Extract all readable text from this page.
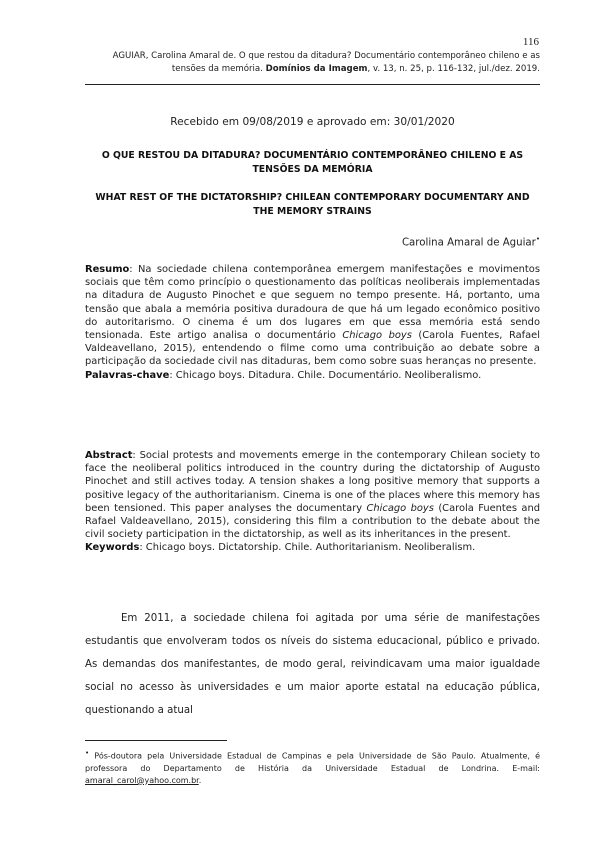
116
AGUIAR, Carolina Amaral de. O que restou da ditadura? Documentário contemporâneo chileno e as tensões da memória. Domínios da Imagem, v. 13, n. 25, p. 116-132, jul./dez. 2019.
Recebido em 09/08/2019 e aprovado em: 30/01/2020
O QUE RESTOU DA DITADURA? DOCUMENTÁRIO CONTEMPORÂNEO CHILENO E AS TENSÕES DA MEMÓRIA
WHAT REST OF THE DICTATORSHIP? CHILEAN CONTEMPORARY DOCUMENTARY AND THE MEMORY STRAINS
Carolina Amaral de Aguiar•
Resumo: Na sociedade chilena contemporânea emergem manifestações e movimentos sociais que têm como princípio o questionamento das políticas neoliberais implementadas na ditadura de Augusto Pinochet e que seguem no tempo presente. Há, portanto, uma tensão que abala a memória positiva duradoura de que há um legado econômico positivo do autoritarismo. O cinema é um dos lugares em que essa memória está sendo tensionada. Este artigo analisa o documentário Chicago boys (Carola Fuentes, Rafael Valdeavellano, 2015), entendendo o filme como uma contribuição ao debate sobre a participação da sociedade civil nas ditaduras, bem como sobre suas heranças no presente.
Palavras-chave: Chicago boys. Ditadura. Chile. Documentário. Neoliberalismo.
Abstract: Social protests and movements emerge in the contemporary Chilean society to face the neoliberal politics introduced in the country during the dictatorship of Augusto Pinochet and still actives today. A tension shakes a long positive memory that supports a positive legacy of the authoritarianism. Cinema is one of the places where this memory has been tensioned. This paper analyses the documentary Chicago boys (Carola Fuentes and Rafael Valdeavellano, 2015), considering this film a contribution to the debate about the civil society participation in the dictatorship, as well as its inheritances in the present.
Keywords: Chicago boys. Dictatorship. Chile. Authoritarianism. Neoliberalism.
Em 2011, a sociedade chilena foi agitada por uma série de manifestações estudantis que envolveram todos os níveis do sistema educacional, público e privado. As demandas dos manifestantes, de modo geral, reivindicavam uma maior igualdade social no acesso às universidades e um maior aporte estatal na educação pública, questionando a atual
• Pós-doutora pela Universidade Estadual de Campinas e pela Universidade de São Paulo. Atualmente, é professora do Departamento de História da Universidade Estadual de Londrina. E-mail: amaral_carol@yahoo.com.br.
